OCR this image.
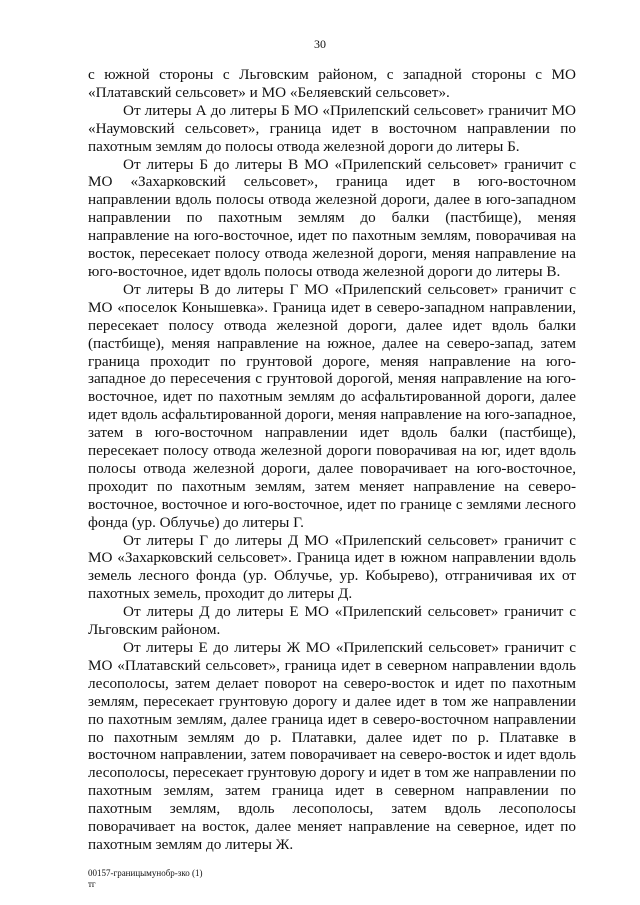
30

с южной стороны с Льговским районом, с западной стороны с МО «Платавский сельсовет» и МО «Беляевский сельсовет».

От литеры А до литеры Б МО «Прилепский сельсовет» граничит МО «Наумовский сельсовет», граница идет в восточном направлении по пахотным землям до полосы отвода железной дороги до литеры Б.

От литеры Б до литеры В МО «Прилепский сельсовет» граничит с МО «Захарковский сельсовет», граница идет в юго-восточном направлении вдоль полосы отвода железной дороги, далее в юго-западном направлении по пахотным землям до балки (пастбище), меняя направление на юго-восточное, идет по пахотным землям, поворачивая на восток, пересекает полосу отвода железной дороги, меняя направление на юго-восточное, идет вдоль полосы отвода железной дороги до литеры В.

От литеры В до литеры Г МО «Прилепский сельсовет» граничит с МО «поселок Конышевка». Граница идет в северо-западном направлении, пересекает полосу отвода железной дороги, далее идет вдоль балки (пастбище), меняя направление на южное, далее на северо-запад, затем граница проходит по грунтовой дороге, меняя направление на юго-западное до пересечения с грунтовой дорогой, меняя направление на юго-восточное, идет по пахотным землям до асфальтированной дороги, далее идет вдоль асфальтированной дороги, меняя направление на юго-западное, затем в юго-восточном направлении идет вдоль балки (пастбище), пересекает полосу отвода железной дороги поворачивая на юг, идет вдоль полосы отвода железной дороги, далее поворачивает на юго-восточное, проходит по пахотным землям, затем меняет направление на северо-восточное, восточное и юго-восточное, идет по границе с землями лесного фонда (ур. Облучье) до литеры Г.

От литеры Г до литеры Д МО «Прилепский сельсовет» граничит с МО «Захарковский сельсовет». Граница идет в южном направлении вдоль земель лесного фонда (ур. Облучье, ур. Кобырево), отграничивая их от пахотных земель, проходит до литеры Д.

От литеры Д до литеры Е МО «Прилепский сельсовет» граничит с Льговским районом.

От литеры Е до литеры Ж МО «Прилепский сельсовет» граничит с МО «Платавский сельсовет», граница идет в северном направлении вдоль лесополосы, затем делает поворот на северо-восток и идет по пахотным землям, пересекает грунтовую дорогу и далее идет в том же направлении по пахотным землям, далее граница идет в северо-восточном направлении по пахотным землям до р. Платавки, далее идет по р. Платавке в восточном направлении, затем поворачивает на северо-восток и идет вдоль лесополосы, пересекает грунтовую дорогу и идет в том же направлении по пахотным землям, затем граница идет в северном направлении по пахотным землям, вдоль лесополосы, затем вдоль лесополосы поворачивает на восток, далее меняет направление на северное, идет по пахотным землям до литеры Ж.

00157-границымунобр-зко (1)
тг
